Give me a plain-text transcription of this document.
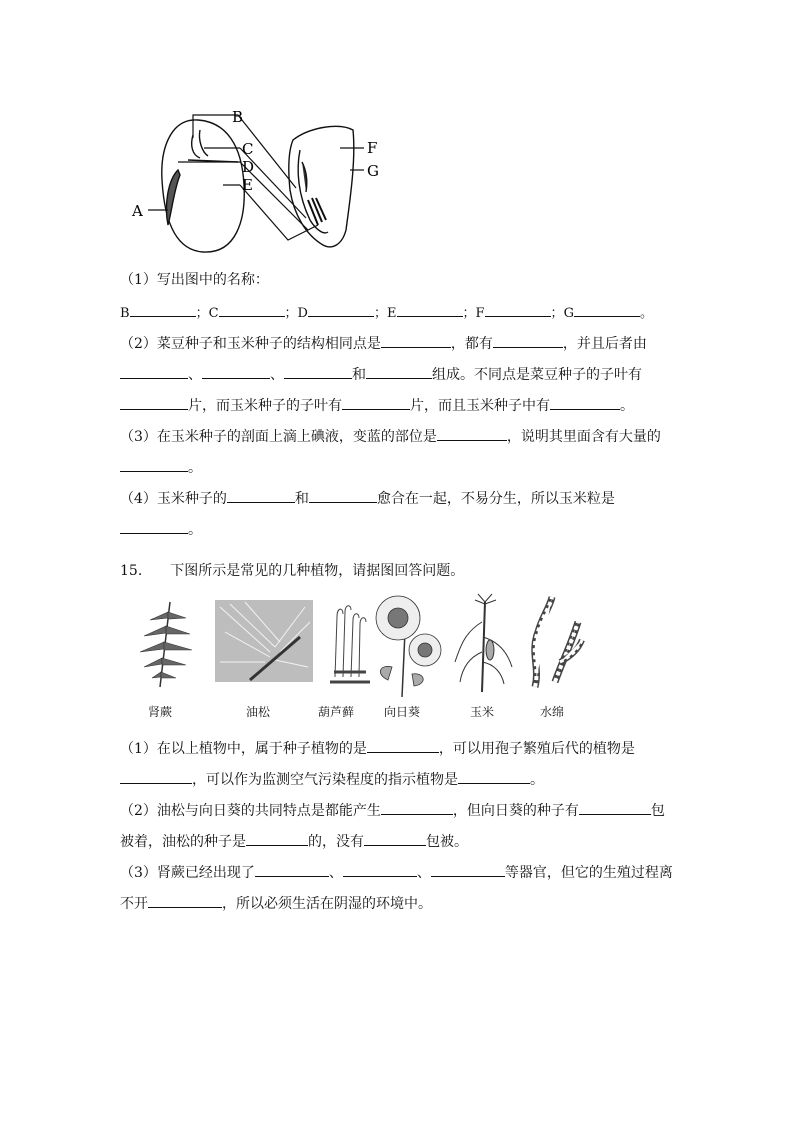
A
B
C
D
E
F
G
（1）写出图中的名称：
B	；C	；D	；E	；F	；G	。
（2）菜豆种子和玉米种子的结构相同点是	，都有	，并且后者由
、	、	和	组成。不同点是菜豆种子的子叶有
片，而玉米种子的子叶有	片，而且玉米种子中有	。
（3）在玉米种子的剖面上滴上碘液，变蓝的部位是	，说明其里面含有大量的
。
（4）玉米种子的	和	愈合在一起，不易分生，所以玉米粒是
。
15. 下图所示是常见的几种植物，请据图回答问题。
肾蕨	油松	葫芦藓 向日葵	玉米	水绵
（1）在以上植物中，属于种子植物的是	，可以用孢子繁殖后代的植物是
，可以作为监测空气污染程度的指示植物是	。
（2）油松与向日葵的共同特点是都能产生	，但向日葵的种子有	包
被着，油松的种子是	的，没有	包被。
（3）肾蕨已经出现了	、	、	等器官，但它的生殖过程离
不开	，所以必须生活在阴湿的环境中。
